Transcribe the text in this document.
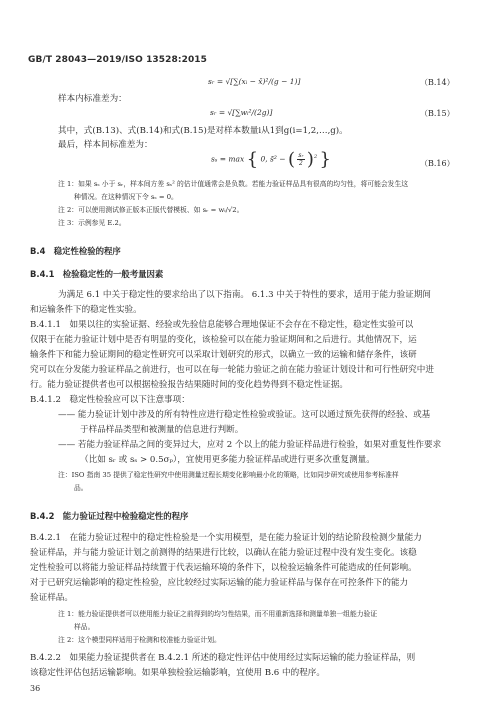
GB/T 28043—2019/ISO 13528:2015
sᵣ = √[∑(xᵢ − x̄)²/(g − 1)]	（B.14）
样本内标准差为：
sᵣ = √[∑wᵢ²/(2g)]	（B.15）
其中，式(B.13)、式(B.14)和式(B.15)是对样本数量i从1到g(i=1,2,…,g)。
最后，样本间标准差为：
sₛ = max { 0, s̄² − ( $\frac{\text{sᵣ}}{2} )^2$ }	（B.16）
注 1：如果 sₛ 小于 sᵣ，样本间方差 sₛ² 的估计值通常会是负数。若能力验证样品具有很高的均匀性，将可能会发生这
种情况。在这种情况下令 sₛ = 0。
注 2：可以使用测试修正版本正版代替模板、如 sᵣ = wᵢ/√2。
注 3：示例参见 E.2。
B.4　稳定性检验的程序
B.4.1　检验稳定性的一般考量因素
为满足 6.1 中关于稳定性的要求给出了以下指南。 6.1.3 中关于特性的要求，适用于能力验证期间
和运输条件下的稳定性实验。
B.4.1.1　如果以往的实验证据、经验或先验信息能够合理地保证不会存在不稳定性，稳定性实验可以
仅限于在能力验证计划中是否有明显的变化，该检验可以在能力验证期间和之后进行。其他情况下，运
输条件下和能力验证期间的稳定性研究可以采取计划研究的形式，以确立一致的运输和储存条件，该研
究可以在分发能力验证样品之前进行，也可以在每一轮能力验证之前在能力验证计划设计和可行性研究中进
行。能力验证提供者也可以根据检验报告结果随时间的变化趋势得到不稳定性证据。
B.4.1.2　稳定性检验应可以下注意事项：
—— 能力验证计划中涉及的所有特性应进行稳定性检验或验证。这可以通过预先获得的经验、或基
于样品样品类型和被测量的信息进行判断。
—— 若能力验证样品之间的变异过大，应对 2 个以上的能力验证样品进行检验，如果对重复性作要求
（比如 sᵣ 或 sₛ > 0.5σₚ），宜使用更多能力验证样品或进行更多次重复测量。
注：ISO 指南 35 提供了稳定性研究中使用测量过程长期变化影响最小化的策略，比如同步研究或使用参考标准样
品。
B.4.2　能力验证过程中检验稳定性的程序
B.4.2.1　在能力验证过程中的稳定性检验是一个实用模型，是在能力验证计划的结论阶段检测少量能力
验证样品，并与能力验证计划之前测得的结果进行比较，以确认在能力验证过程中没有发生变化。该稳
定性检验可以将能力验证样品持续置于代表运输环境的条件下，以检验运输条件可能造成的任何影响。
对于已研究运输影响的稳定性检验，应比较经过实际运输的能力验证样品与保存在可控条件下的能力
验证样品。
注 1：能力验证提供者可以使用能力验证之前得到的均匀性结果，而不用重新选择和测量单独一组能力验证
样品。
注 2：这个模型同样适用于检测和校准能力验证计划。
B.4.2.2　如果能力验证提供者在 B.4.2.1 所述的稳定性评估中使用经过实际运输的能力验证样品，则
该稳定性评估包括运输影响。如果单独检验运输影响，宜使用 B.6 中的程序。
36
